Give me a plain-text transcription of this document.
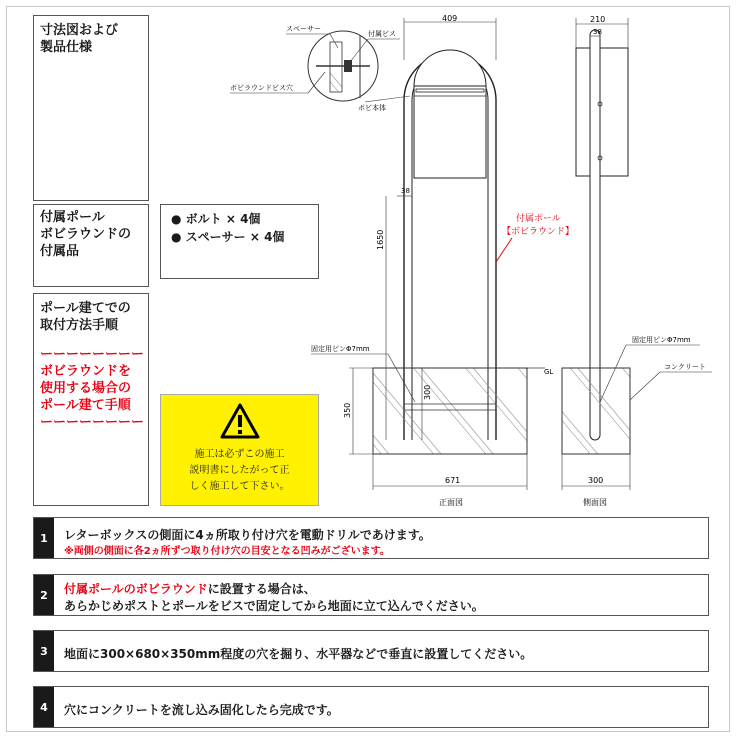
寸法図および
製品仕様
付属ポール
ボビラウンドの
付属品
● ボルト × 4個
● スペーサー × 4個
ポール建てでの
取付方法手順
ーーーーーーーー
ボビラウンドを
使用する場合の
ポール建て手順
ーーーーーーーー
施工は必ずこの施工
説明書にしたがって正
しく施工して下さい。
スペーサー
付属ビス
ボビラウンドビス穴
ボビ本体
409
38
1650
300
350
671
固定用ピンΦ7mm
GL
付属ポール
【ボビラウンド】
正面図
210
38
300
固定用ピンΦ7mm
コンクリート
側面図
1	レターボックスの側面に4ヵ所取り付け穴を電動ドリルであけます。
※両側の側面に各2ヵ所ずつ取り付け穴の目安となる凹みがございます。
2	付属ポールのボビラウンドに設置する場合は、
あらかじめポストとポールをビスで固定してから地面に立て込んでください。
3	地面に300×680×350mm程度の穴を掘り、水平器などで垂直に設置してください。
4	穴にコンクリートを流し込み固化したら完成です。
